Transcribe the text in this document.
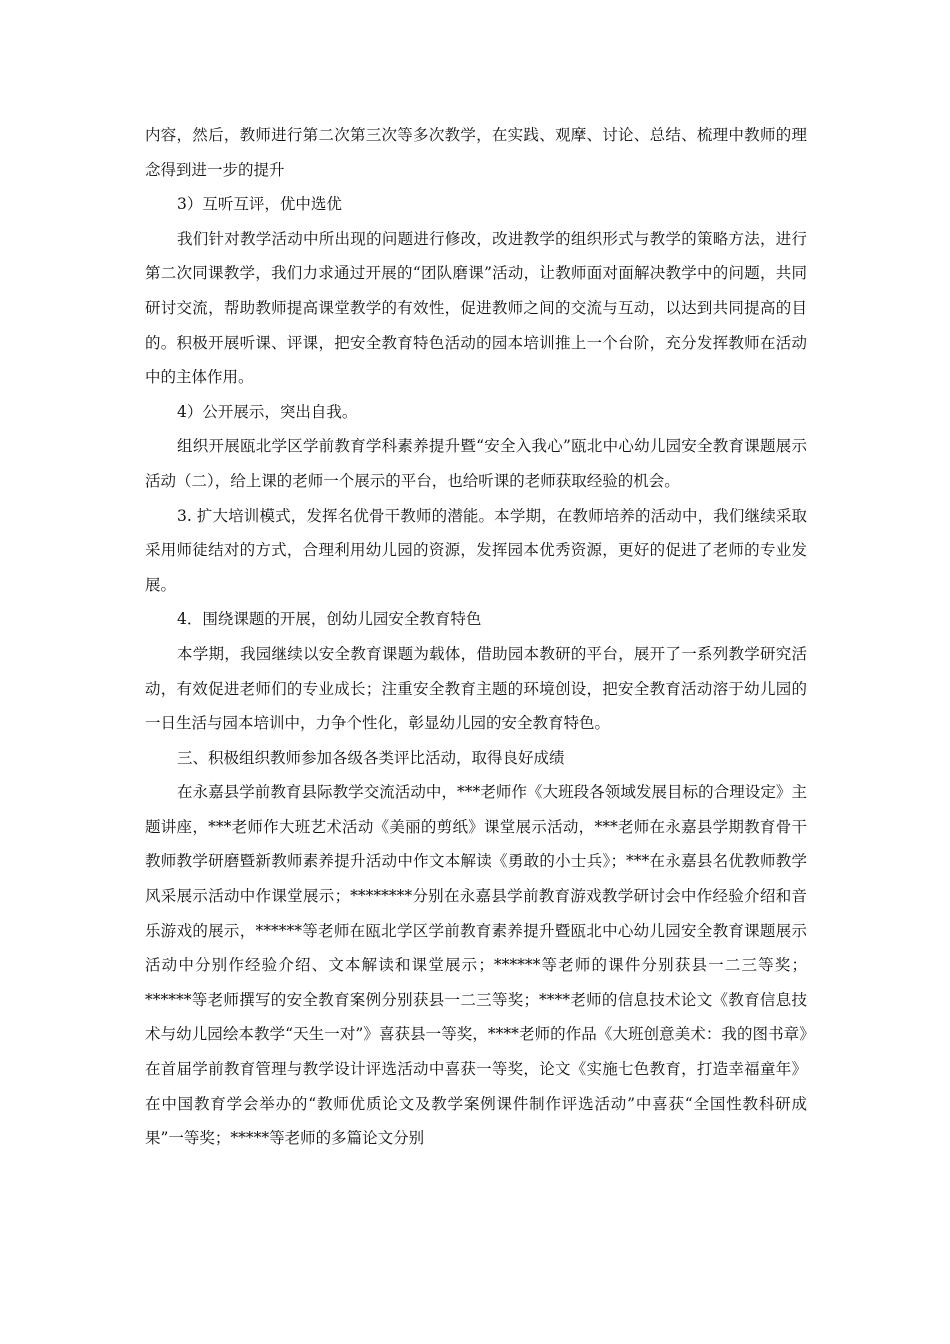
内容，然后，教师进行第二次第三次等多次教学，在实践、观摩、讨论、总结、梳理中教师的理念得到进一步的提升

3）互听互评，优中选优

我们针对教学活动中所出现的问题进行修改，改进教学的组织形式与教学的策略方法，进行第二次同课教学，我们力求通过开展的“团队磨课”活动，让教师面对面解决教学中的问题，共同研讨交流，帮助教师提高课堂教学的有效性，促进教师之间的交流与互动，以达到共同提高的目的。积极开展听课、评课，把安全教育特色活动的园本培训推上一个台阶，充分发挥教师在活动中的主体作用。

4）公开展示，突出自我。

组织开展瓯北学区学前教育学科素养提升暨“安全入我心”瓯北中心幼儿园安全教育课题展示活动（二），给上课的老师一个展示的平台，也给听课的老师获取经验的机会。

3. 扩大培训模式，发挥名优骨干教师的潜能。本学期，在教师培养的活动中，我们继续采取采用师徒结对的方式，合理利用幼儿园的资源，发挥园本优秀资源，更好的促进了老师的专业发展。

4．围绕课题的开展，创幼儿园安全教育特色

本学期，我园继续以安全教育课题为载体，借助园本教研的平台，展开了一系列教学研究活动，有效促进老师们的专业成长；注重安全教育主题的环境创设，把安全教育活动溶于幼儿园的一日生活与园本培训中，力争个性化，彰显幼儿园的安全教育特色。

三、积极组织教师参加各级各类评比活动，取得良好成绩

在永嘉县学前教育县际教学交流活动中，***老师作《大班段各领域发展目标的合理设定》主题讲座，***老师作大班艺术活动《美丽的剪纸》课堂展示活动，***老师在永嘉县学期教育骨干教师教学研磨暨新教师素养提升活动中作文本解读《勇敢的小士兵》；***在永嘉县名优教师教学风采展示活动中作课堂展示；********分别在永嘉县学前教育游戏教学研讨会中作经验介绍和音乐游戏的展示，******等老师在瓯北学区学前教育素养提升暨瓯北中心幼儿园安全教育课题展示活动中分别作经验介绍、文本解读和课堂展示；******等老师的课件分别获县一二三等奖；******等老师撰写的安全教育案例分别获县一二三等奖；****老师的信息技术论文《教育信息技术与幼儿园绘本教学“天生一对”》喜获县一等奖，****老师的作品《大班创意美术：我的图书章》在首届学前教育管理与教学设计评选活动中喜获一等奖，论文《实施七色教育，打造幸福童年》在中国教育学会举办的“教师优质论文及教学案例课件制作评选活动”中喜获“全国性教科研成果”一等奖；*****等老师的多篇论文分别
